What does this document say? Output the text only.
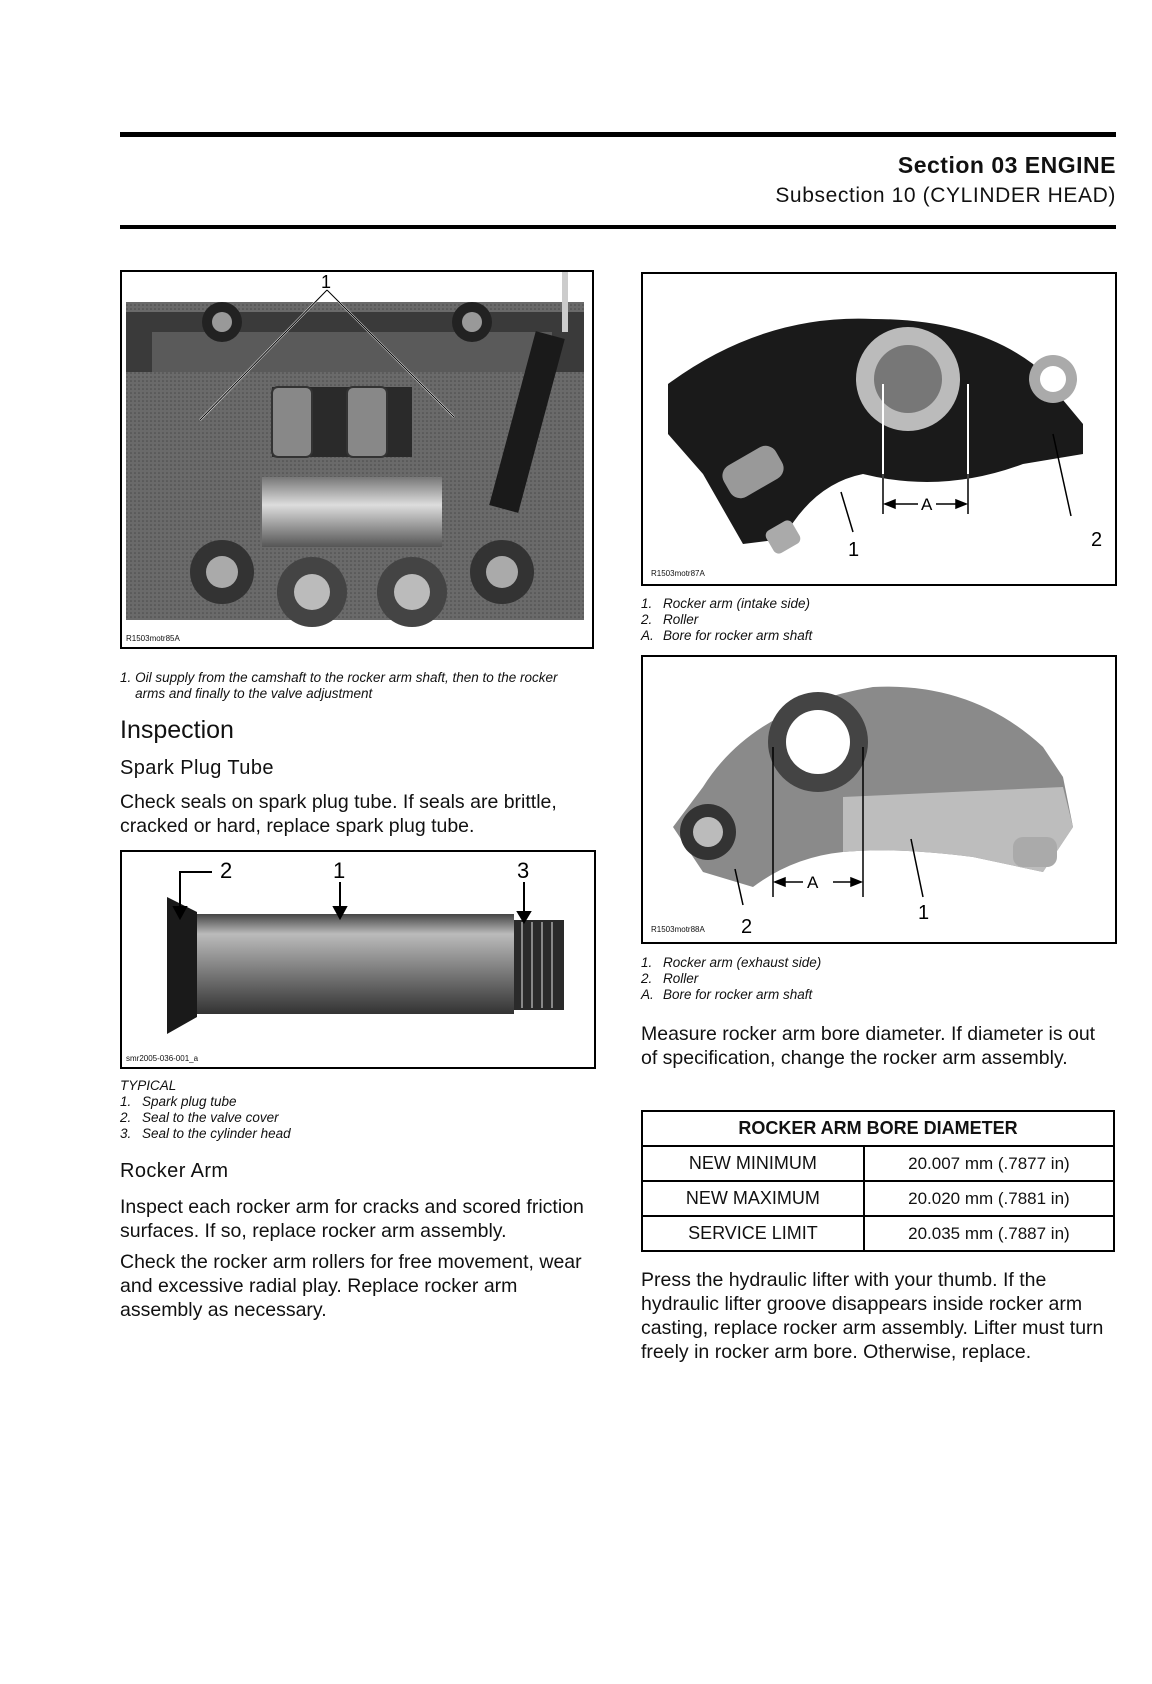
Section 03 ENGINE
Subsection 10 (CYLINDER HEAD)
1
R1503motr85A
1. Oil supply from the camshaft to the rocker arm shaft, then to the rocker arms and finally to the valve adjustment
Inspection
Spark Plug Tube
Check seals on spark plug tube. If seals are brittle, cracked or hard, replace spark plug tube.
2	1	3
smr2005-036-001_a
TYPICAL
1. Spark plug tube
2. Seal to the valve cover
3. Seal to the cylinder head
Rocker Arm
Inspect each rocker arm for cracks and scored friction surfaces. If so, replace rocker arm assembly.
Check the rocker arm rollers for free movement, wear and excessive radial play. Replace rocker arm assembly as necessary.
A
1	2
R1503motr87A
1. Rocker arm (intake side)
2. Roller
A. Bore for rocker arm shaft
A
1
2
R1503motr88A
1. Rocker arm (exhaust side)
2. Roller
A. Bore for rocker arm shaft
Measure rocker arm bore diameter. If diameter is out of specification, change the rocker arm assembly.
ROCKER ARM BORE DIAMETER	
NEW MINIMUM	20.007 mm (.7877 in)
NEW MAXIMUM	20.020 mm (.7881 in)
SERVICE LIMIT	20.035 mm (.7887 in)
Press the hydraulic lifter with your thumb. If the hydraulic lifter groove disappears inside rocker arm casting, replace rocker arm assembly. Lifter must turn freely in rocker arm bore. Otherwise, replace.
